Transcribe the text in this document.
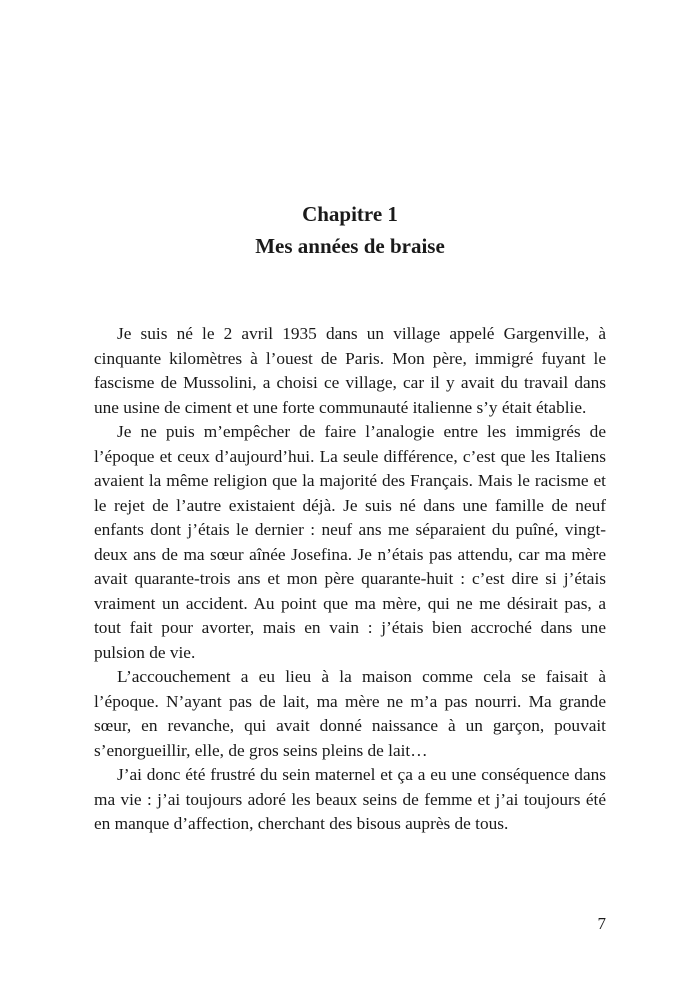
Chapitre 1
Mes années de braise

Je suis né le 2 avril 1935 dans un village appelé Gargenville, à cinquante kilomètres à l’ouest de Paris. Mon père, immigré fuyant le fascisme de Mussolini, a choisi ce village, car il y avait du travail dans une usine de ciment et une forte communauté italienne s’y était établie.

Je ne puis m’empêcher de faire l’analogie entre les immigrés de l’époque et ceux d’aujourd’hui. La seule différence, c’est que les Italiens avaient la même religion que la majorité des Français. Mais le racisme et le rejet de l’autre existaient déjà. Je suis né dans une famille de neuf enfants dont j’étais le dernier : neuf ans me séparaient du puîné, vingt-deux ans de ma sœur aînée Josefina. Je n’étais pas attendu, car ma mère avait quarante-trois ans et mon père quarante-huit : c’est dire si j’étais vraiment un accident. Au point que ma mère, qui ne me désirait pas, a tout fait pour avorter, mais en vain : j’étais bien accroché dans une pulsion de vie.

L’accouchement a eu lieu à la maison comme cela se faisait à l’époque. N’ayant pas de lait, ma mère ne m’a pas nourri. Ma grande sœur, en revanche, qui avait donné naissance à un garçon, pouvait s’enorgueillir, elle, de gros seins pleins de lait…

J’ai donc été frustré du sein maternel et ça a eu une conséquence dans ma vie : j’ai toujours adoré les beaux seins de femme et j’ai toujours été en manque d’affection, cherchant des bisous auprès de tous.

7
